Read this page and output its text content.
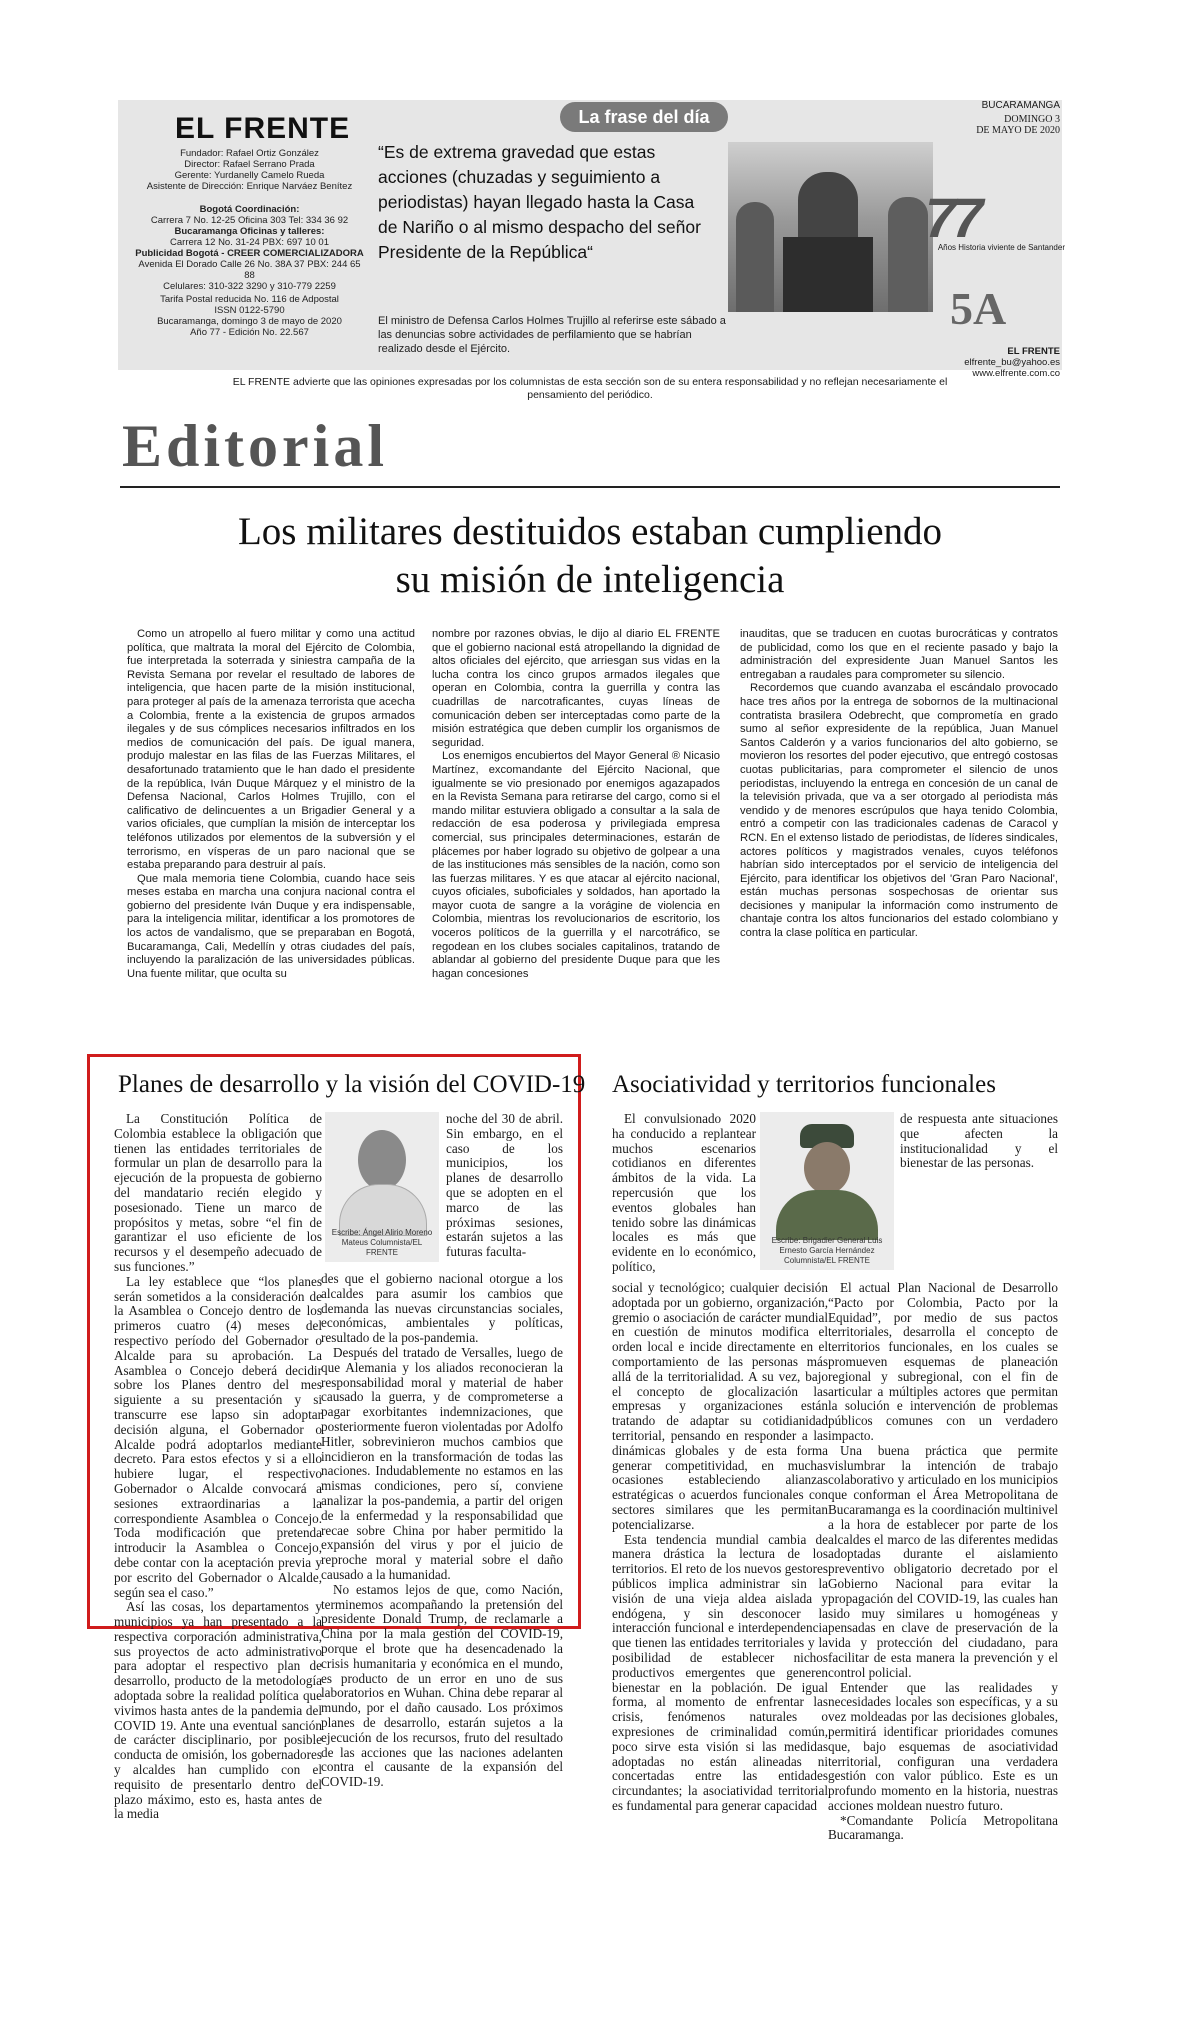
EL FRENTE
Fundador: Rafael Ortiz González
Director: Rafael Serrano Prada
Gerente: Yurdanelly Camelo Rueda
Asistente de Dirección: Enrique Narváez Benítez
Bogotá Coordinación:
Carrera 7 No. 12-25 Oficina 303 Tel: 334 36 92
Bucaramanga Oficinas y talleres:
Carrera 12 No. 31-24 PBX: 697 10 01
Publicidad Bogotá - CREER COMERCIALIZADORA
Avenida El Dorado Calle 26 No. 38A 37 PBX: 244 65 88
Celulares: 310-322 3290 y 310-779 2259
Tarifa Postal reducida No. 116 de Adpostal
ISSN 0122-5790
Bucaramanga, domingo 3 de mayo de 2020
Año 77 - Edición No. 22.567
La frase del día
“Es de extrema gravedad que estas acciones (chuzadas y seguimiento a periodistas) hayan llegado hasta la Casa de Nariño o al mismo despacho del señor Presidente de la República“
El ministro de Defensa Carlos Holmes Trujillo al referirse este sábado a las denuncias sobre actividades de perfilamiento que se habrían realizado desde el Ejército.
BUCARAMANGA
DOMINGO 3
DE MAYO DE 2020
77
Años Historia viviente de Santander
5A
EL FRENTE
elfrente_bu@yahoo.es
www.elfrente.com.co
EL FRENTE advierte que las opiniones expresadas por los columnistas de esta sección son de su entera responsabilidad y no reflejan necesariamente el pensamiento del periódico.
Editorial
Los militares destituidos estaban cumpliendo su misión de inteligencia

Como un atropello al fuero militar y como una actitud política, que maltrata la moral del Ejército de Colombia, fue interpretada la soterrada y siniestra campaña de la Revista Semana por revelar el resultado de labores de inteligencia, que hacen parte de la misión institucional, para proteger al país de la amenaza terrorista que acecha a Colombia, frente a la existencia de grupos armados ilegales y de sus cómplices necesarios infiltrados en los medios de comunicación del país. De igual manera, produjo malestar en las filas de las Fuerzas Militares, el desafortunado tratamiento que le han dado el presidente de la república, Iván Duque Márquez y el ministro de la Defensa Nacional, Carlos Holmes Trujillo, con el calificativo de delincuentes a un Brigadier General y a varios oficiales, que cumplían la misión de interceptar los teléfonos utilizados por elementos de la subversión y el terrorismo, en vísperas de un paro nacional que se estaba preparando para destruir al país.

Que mala memoria tiene Colombia, cuando hace seis meses estaba en marcha una conjura nacional contra el gobierno del presidente Iván Duque y era indispensable, para la inteligencia militar, identificar a los promotores de los actos de vandalismo, que se preparaban en Bogotá, Bucaramanga, Cali, Medellín y otras ciudades del país, incluyendo la paralización de las universidades públicas. Una fuente militar, que oculta su

nombre por razones obvias, le dijo al diario EL FRENTE que el gobierno nacional está atropellando la dignidad de altos oficiales del ejército, que arriesgan sus vidas en la lucha contra los cinco grupos armados ilegales que operan en Colombia, contra la guerrilla y contra las cuadrillas de narcotraficantes, cuyas líneas de comunicación deben ser interceptadas como parte de la misión estratégica que deben cumplir los organismos de seguridad.

Los enemigos encubiertos del Mayor General ® Nicasio Martínez, excomandante del Ejército Nacional, que igualmente se vio presionado por enemigos agazapados en la Revista Semana para retirarse del cargo, como si el mando militar estuviera obligado a consultar a la sala de redacción de esa poderosa y privilegiada empresa comercial, sus principales determinaciones, estarán de plácemes por haber logrado su objetivo de golpear a una de las instituciones más sensibles de la nación, como son las fuerzas militares. Y es que atacar al ejército nacional, cuyos oficiales, suboficiales y soldados, han aportado la mayor cuota de sangre a la vorágine de violencia en Colombia, mientras los revolucionarios de escritorio, los voceros políticos de la guerrilla y el narcotráfico, se regodean en los clubes sociales capitalinos, tratando de ablandar al gobierno del presidente Duque para que les hagan concesiones

inauditas, que se traducen en cuotas burocráticas y contratos de publicidad, como los que en el reciente pasado y bajo la administración del expresidente Juan Manuel Santos les entregaban a raudales para comprometer su silencio.

Recordemos que cuando avanzaba el escándalo provocado hace tres años por la entrega de sobornos de la multinacional contratista brasilera Odebrecht, que comprometía en grado sumo al señor expresidente de la república, Juan Manuel Santos Calderón y a varios funcionarios del alto gobierno, se movieron los resortes del poder ejecutivo, que entregó costosas cuotas publicitarias, para comprometer el silencio de unos periodistas, incluyendo la entrega en concesión de un canal de la televisión privada, que va a ser otorgado al periodista más vendido y de menores escrúpulos que haya tenido Colombia, entró a competir con las tradicionales cadenas de Caracol y RCN. En el extenso listado de periodistas, de líderes sindicales, actores políticos y magistrados venales, cuyos teléfonos habrían sido interceptados por el servicio de inteligencia del Ejército, para identificar los objetivos del 'Gran Paro Nacional', están muchas personas sospechosas de orientar sus decisiones y manipular la información como instrumento de chantaje contra los altos funcionarios del estado colombiano y contra la clase política en particular.

Planes de desarrollo y la visión del COVID-19

La Constitución Política de Colombia establece la obligación que tienen las entidades territoriales de formular un plan de desarrollo para la ejecución de la propuesta de gobierno del mandatario recién elegido y posesionado. Tiene un marco de propósitos y metas, sobre “el fin de garantizar el uso eficiente de los recursos y el desempeño adecuado de sus funciones.”

La ley establece que “los planes serán sometidos a la consideración de la Asamblea o Concejo dentro de los primeros cuatro (4) meses del respectivo período del Gobernador o Alcalde para su aprobación. La Asamblea o Concejo deberá decidir sobre los Planes dentro del mes siguiente a su presentación y si transcurre ese lapso sin adoptar decisión alguna, el Gobernador o Alcalde podrá adoptarlos mediante decreto. Para estos efectos y si a ello hubiere lugar, el respectivo Gobernador o Alcalde convocará a sesiones extraordinarias a la correspondiente Asamblea o Concejo. Toda modificación que pretenda introducir la Asamblea o Concejo, debe contar con la aceptación previa y por escrito del Gobernador o Alcalde, según sea el caso.”

Así las cosas, los departamentos y municipios ya han presentado a la respectiva corporación administrativa, sus proyectos de acto administrativo para adoptar el respectivo plan de desarrollo, producto de la metodología adoptada sobre la realidad política que vivimos hasta antes de la pandemia del COVID 19. Ante una eventual sanción de carácter disciplinario, por posible conducta de omisión, los gobernadores y alcaldes han cumplido con el requisito de presentarlo dentro del plazo máximo, esto es, hasta antes de la media

Escribe: Ángel Alirio Moreno Mateus Columnista/EL FRENTE

noche del 30 de abril. Sin embargo, en el caso de los municipios, los planes de desarrollo que se adopten en el marco de las próximas sesiones, estarán sujetos a las futuras faculta-

des que el gobierno nacional otorgue a los alcaldes para asumir los cambios que demanda las nuevas circunstancias sociales, económicas, ambientales y políticas, resultado de la pos-pandemia.

Después del tratado de Versalles, luego de que Alemania y los aliados reconocieran la responsabilidad moral y material de haber causado la guerra, y de comprometerse a pagar exorbitantes indemnizaciones, que posteriormente fueron violentadas por Adolfo Hitler, sobrevinieron muchos cambios que incidieron en la transformación de todas las naciones. Indudablemente no estamos en las mismas condiciones, pero sí, conviene analizar la pos-pandemia, a partir del origen de la enfermedad y la responsabilidad que recae sobre China por haber permitido la expansión del virus y por el juicio de reproche moral y material sobre el daño causado a la humanidad.

No estamos lejos de que, como Nación, terminemos acompañando la pretensión del presidente Donald Trump, de reclamarle a China por la mala gestión del COVID-19, porque el brote que ha desencadenado la crisis humanitaria y económica en el mundo, es producto de un error en uno de sus laboratorios en Wuhan. China debe reparar al mundo, por el daño causado. Los próximos planes de desarrollo, estarán sujetos a la ejecución de los recursos, fruto del resultado de las acciones que las naciones adelanten contra el causante de la expansión del COVID-19.

Asociatividad y territorios funcionales

El convulsionado 2020 ha conducido a replantear muchos escenarios cotidianos en diferentes ámbitos de la vida. La repercusión que los eventos globales han tenido sobre las dinámicas locales es más que evidente en lo económico, político,

Escribe: Brigadier General Luis Ernesto García Hernández Columnista/EL FRENTE

social y tecnológico; cualquier decisión adoptada por un gobierno, organización, gremio o asociación de carácter mundial en cuestión de minutos modifica el orden local e incide directamente en el comportamiento de las personas más allá de la territorialidad. A su vez, bajo el concepto de glocalización las empresas y organizaciones están tratando de adaptar su cotidianidad territorial, pensando en responder a las dinámicas globales y de esta forma generar competitividad, en muchas ocasiones estableciendo alianzas estratégicas o acuerdos funcionales con sectores similares que les permitan potencializarse.

Esta tendencia mundial cambia de manera drástica la lectura de los territorios. El reto de los nuevos gestores públicos implica administrar sin la visión de una vieja aldea aislada y endógena, y sin desconocer la interacción funcional e interdependencia que tienen las entidades territoriales y la posibilidad de establecer nichos productivos emergentes que generen bienestar en la población. De igual forma, al momento de enfrentar las crisis, fenómenos naturales o expresiones de criminalidad común, poco sirve esta visión si las medidas adoptadas no están alineadas ni concertadas entre las entidades circundantes; la asociatividad territorial es fundamental para generar capacidad

de respuesta ante situaciones que afecten la institucionalidad y el bienestar de las personas.

El actual Plan Nacional de Desarrollo “Pacto por Colombia, Pacto por la Equidad”, por medio de sus pactos territoriales, desarrolla el concepto de territorios funcionales, en los cuales se promueven esquemas de planeación regional y subregional, con el fin de articular a múltiples actores que permitan la solución e intervención de problemas públicos comunes con un verdadero impacto.

Una buena práctica que permite vislumbrar la intención de trabajo colaborativo y articulado en los municipios que conforman el Área Metropolitana de Bucaramanga es la coordinación multinivel a la hora de establecer por parte de los alcaldes el marco de las diferentes medidas adoptadas durante el aislamiento preventivo obligatorio decretado por el Gobierno Nacional para evitar la propagación del COVID-19, las cuales han sido muy similares u homogéneas y pensadas en clave de preservación de la vida y protección del ciudadano, para facilitar de esta manera la prevención y el control policial.

Entender que las realidades y necesidades locales son específicas, y a su vez moldeadas por las decisiones globales, permitirá identificar prioridades comunes que, bajo esquemas de asociatividad territorial, configuran una verdadera gestión con valor público. Este es un profundo momento en la historia, nuestras acciones moldean nuestro futuro.

*Comandante Policía Metropolitana Bucaramanga.
